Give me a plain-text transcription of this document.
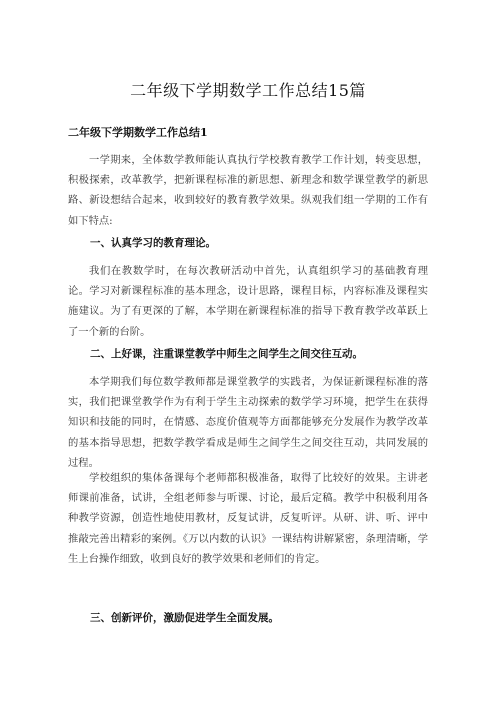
二年级下学期数学工作总结15篇
二年级下学期数学工作总结1

一学期来，全体数学教师能认真执行学校教育教学工作计划，转变思想，积极探索，改革教学，把新课程标准的新思想、新理念和数学课堂教学的新思路、新设想结合起来，收到较好的教育教学效果。纵观我们组一学期的工作有如下特点:

一、认真学习的教育理论。

我们在教数学时，在每次教研活动中首先，认真组织学习的基础教育理论。学习对新课程标准的基本理念，设计思路，课程目标，内容标准及课程实施建议。为了有更深的了解，本学期在新课程标准的指导下教育教学改革跃上了一个新的台阶。

二、上好课，注重课堂教学中师生之间学生之间交往互动。

本学期我们每位数学教师都是课堂教学的实践者，为保证新课程标准的落实，我们把课堂教学作为有利于学生主动探索的数学学习环境，把学生在获得知识和技能的同时，在情感、态度价值观等方面都能够充分发展作为教学改革的基本指导思想，把数学教学看成是师生之间学生之间交往互动，共同发展的过程。

学校组织的集体备课每个老师都积极准备，取得了比较好的效果。主讲老师课前准备，试讲，全组老师参与听课、讨论，最后定稿。教学中积极利用各种教学资源，创造性地使用教材，反复试讲，反复听评。从研、讲、听、评中推敲完善出精彩的案例。《万以内数的认识》一课结构讲解紧密，条理清晰，学生上台操作细致，收到良好的教学效果和老师们的肯定。

三、创新评价，激励促进学生全面发展。
